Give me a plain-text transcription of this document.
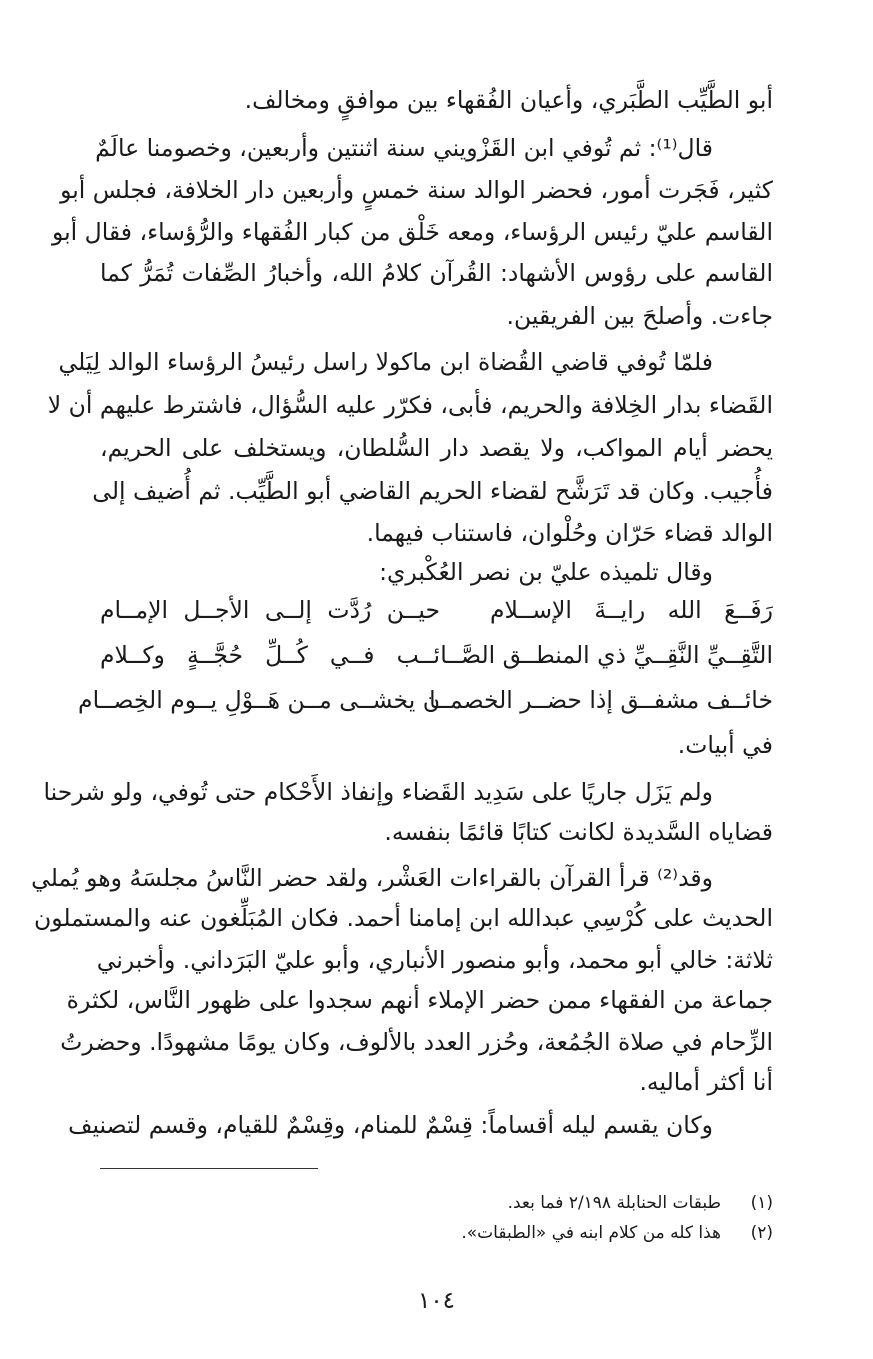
أبو الطَّيِّب الطَّبَري، وأعيان الفُقهاء بين موافقٍ ومخالف.
قال⁽¹⁾: ثم تُوفي ابن القَزْويني سنة اثنتين وأربعين، وخصومنا عالَمٌ
كثير، فَجَرت أمور، فحضر الوالد سنة خمسٍ وأربعين دار الخلافة، فجلس أبو
القاسم عليّ رئيس الرؤساء، ومعه خَلْق من كبار الفُقهاء والرُّؤساء، فقال أبو
القاسم على رؤوس الأشهاد: القُرآن كلامُ الله، وأخبارُ الصِّفات تُمَرُّ كما
جاءت. وأصلحَ بين الفريقين.
فلمّا تُوفي قاضي القُضاة ابن ماكولا راسل رئيسُ الرؤساء الوالد لِيَلي
القَضاء بدار الخِلافة والحريم، فأبى، فكرّر عليه السُّؤال، فاشترط عليهم أن لا
يحضر أيام المواكب، ولا يقصد دار السُّلطان، ويستخلف على الحريم،
فأُجيب. وكان قد تَرَشَّح لقضاء الحريم القاضي أبو الطَّيِّب. ثم أُضيف إلى
الوالد قضاء حَرّان وحُلْوان، فاستناب فيهما.
وقال تلميذه عليّ بن نصر العُكْبري:
رَفَــعَ الله رايــةَ الإســلام
حيــن رُدَّت إلــى الأجــل الإمــام
التَّقِــيِّ النَّقِــيِّ ذي المنطــق الصَّــا
ئــب فــي كُــلِّ حُجَّــةٍ وكــلام
خائــف مشفــق إذا حضــر الخصمــا
ن يخشــى مــن هَــوْلِ يــوم الخِصــام
في أبيات.
ولم يَزَل جاريًا على سَدِيد القَضاء وإنفاذ الأَحْكام حتى تُوفي، ولو شرحنا
قضاياه السَّديدة لكانت كتابًا قائمًا بنفسه.
وقد⁽²⁾ قرأ القرآن بالقراءات العَشْر، ولقد حضر النَّاسُ مجلسَهُ وهو يُملي
الحديث على كُرْسِي عبدالله ابن إمامنا أحمد. فكان المُبَلِّغون عنه والمستملون
ثلاثة: خالي أبو محمد، وأبو منصور الأنباري، وأبو عليّ البَرَداني. وأخبرني
جماعة من الفقهاء ممن حضر الإملاء أنهم سجدوا على ظهور النَّاس، لكثرة
الزِّحام في صلاة الجُمُعة، وحُزر العدد بالألوف، وكان يومًا مشهودًا. وحضرتُ
أنا أكثر أماليه.
وكان يقسم ليله أقساماً: قِسْمٌ للمنام، وقِسْمٌ للقيام، وقسم لتصنيف
(١)طبقات الحنابلة ٢/١٩٨ فما بعد.
(٢)هذا كله من كلام ابنه في «الطبقات».
١٠٤
